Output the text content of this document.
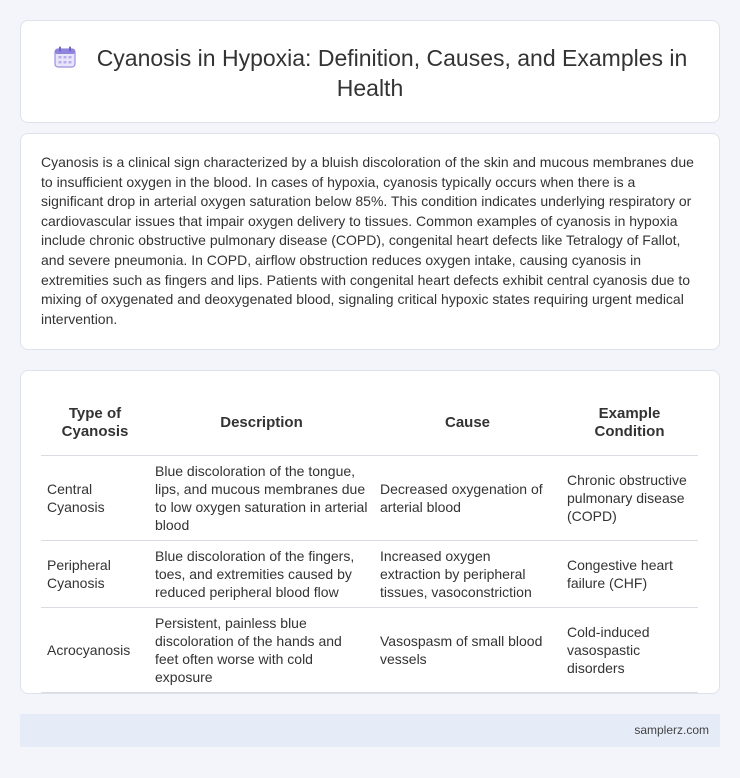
Cyanosis in Hypoxia: Definition, Causes, and Examples in Health

Cyanosis is a clinical sign characterized by a bluish discoloration of the skin and mucous membranes due to insufficient oxygen in the blood. In cases of hypoxia, cyanosis typically occurs when there is a significant drop in arterial oxygen saturation below 85%. This condition indicates underlying respiratory or cardiovascular issues that impair oxygen delivery to tissues. Common examples of cyanosis in hypoxia include chronic obstructive pulmonary disease (COPD), congenital heart defects like Tetralogy of Fallot, and severe pneumonia. In COPD, airflow obstruction reduces oxygen intake, causing cyanosis in extremities such as fingers and lips. Patients with congenital heart defects exhibit central cyanosis due to mixing of oxygenated and deoxygenated blood, signaling critical hypoxic states requiring urgent medical intervention.

Type of Cyanosis	Description	Cause	Example Condition
Central Cyanosis	Blue discoloration of the tongue, lips, and mucous membranes due to low oxygen saturation in arterial blood	Decreased oxygenation of arterial blood	Chronic obstructive pulmonary disease (COPD)
Peripheral Cyanosis	Blue discoloration of the fingers, toes, and extremities caused by reduced peripheral blood flow	Increased oxygen extraction by peripheral tissues, vasoconstriction	Congestive heart failure (CHF)
Acrocyanosis	Persistent, painless blue discoloration of the hands and feet often worse with cold exposure	Vasospasm of small blood vessels	Cold-induced vasospastic disorders
samplerz.com
